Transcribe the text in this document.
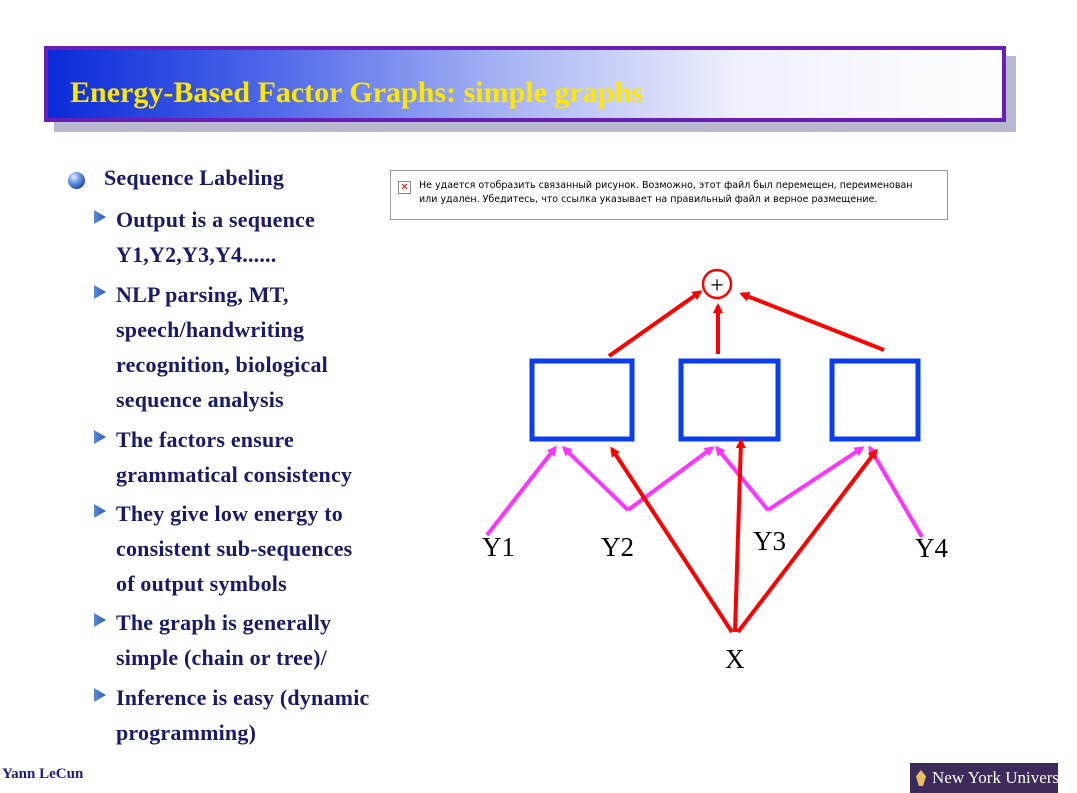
Energy-Based Factor Graphs: simple graphs
Sequence Labeling
Output is a sequence
Y1,Y2,Y3,Y4......
NLP parsing, MT,
speech/handwriting
recognition, biological
sequence analysis
The factors ensure
grammatical consistency
They give low energy to
consistent sub-sequences
of output symbols
The graph is generally
simple (chain or tree)/
Inference is easy (dynamic
programming)
✕ Не удается отобразить связанный рисунок. Возможно, этот файл был перемещен, переименован или удален. Убедитесь, что ссылка указывает на правильный файл и верное размещение.
+
Y1	Y2	Y3	Y4
X
Yann LeCun	New York University
